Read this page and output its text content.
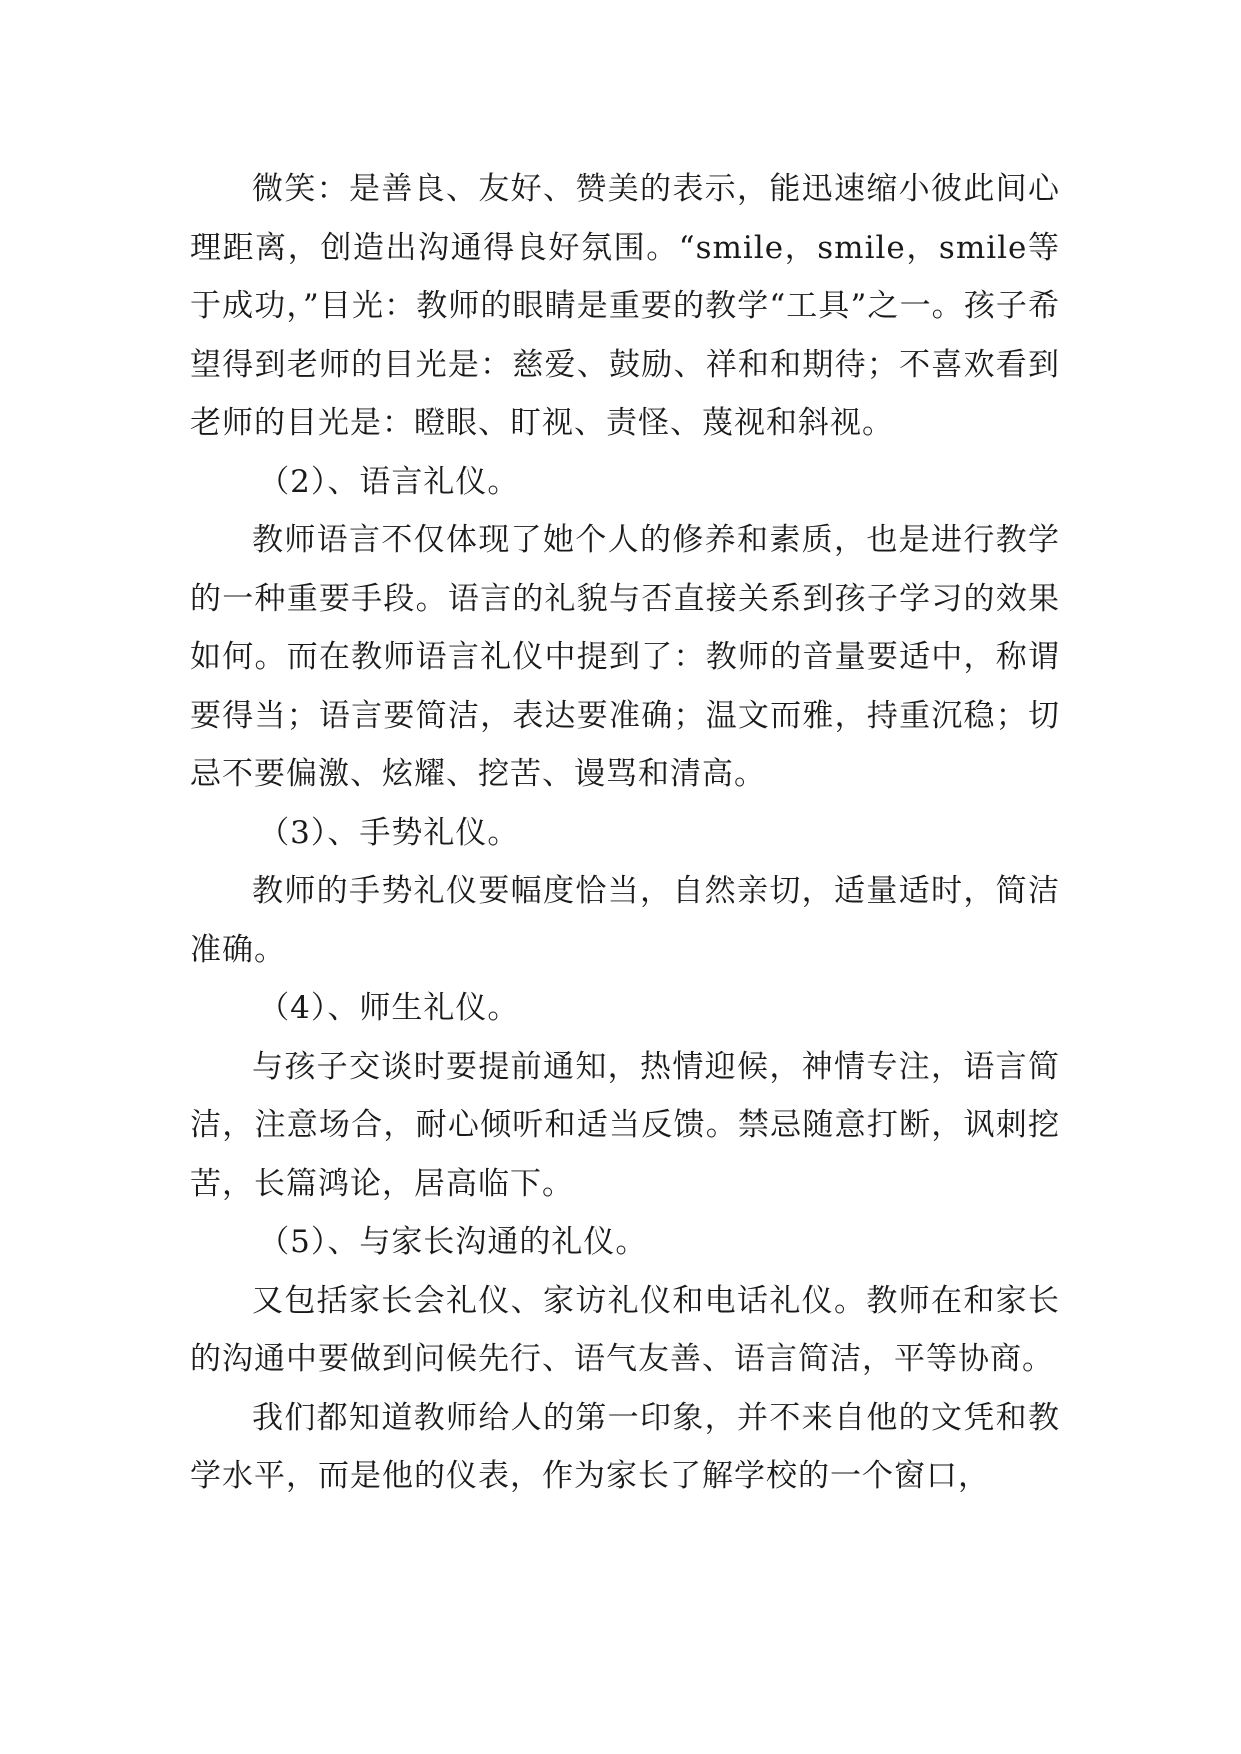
微笑：是善良、友好、赞美的表示，能迅速缩小彼此间心理距离，创造出沟通得良好氛围。“smile，smile，smile等于成功，”目光：教师的眼睛是重要的教学“工具”之一。孩子希望得到老师的目光是：慈爱、鼓励、祥和和期待；不喜欢看到老师的目光是：瞪眼、盯视、责怪、蔑视和斜视。

（2）、语言礼仪。

教师语言不仅体现了她个人的修养和素质，也是进行教学的一种重要手段。语言的礼貌与否直接关系到孩子学习的效果如何。而在教师语言礼仪中提到了：教师的音量要适中，称谓要得当；语言要简洁，表达要准确；温文而雅，持重沉稳；切忌不要偏激、炫耀、挖苦、谩骂和清高。

（3）、手势礼仪。

教师的手势礼仪要幅度恰当，自然亲切，适量适时，简洁准确。

（4）、师生礼仪。

与孩子交谈时要提前通知，热情迎候，神情专注，语言简洁，注意场合，耐心倾听和适当反馈。禁忌随意打断，讽刺挖苦，长篇鸿论，居高临下。

（5）、与家长沟通的礼仪。

又包括家长会礼仪、家访礼仪和电话礼仪。教师在和家长的沟通中要做到问候先行、语气友善、语言简洁，平等协商。

我们都知道教师给人的第一印象，并不来自他的文凭和教学水平，而是他的仪表，作为家长了解学校的一个窗口，
